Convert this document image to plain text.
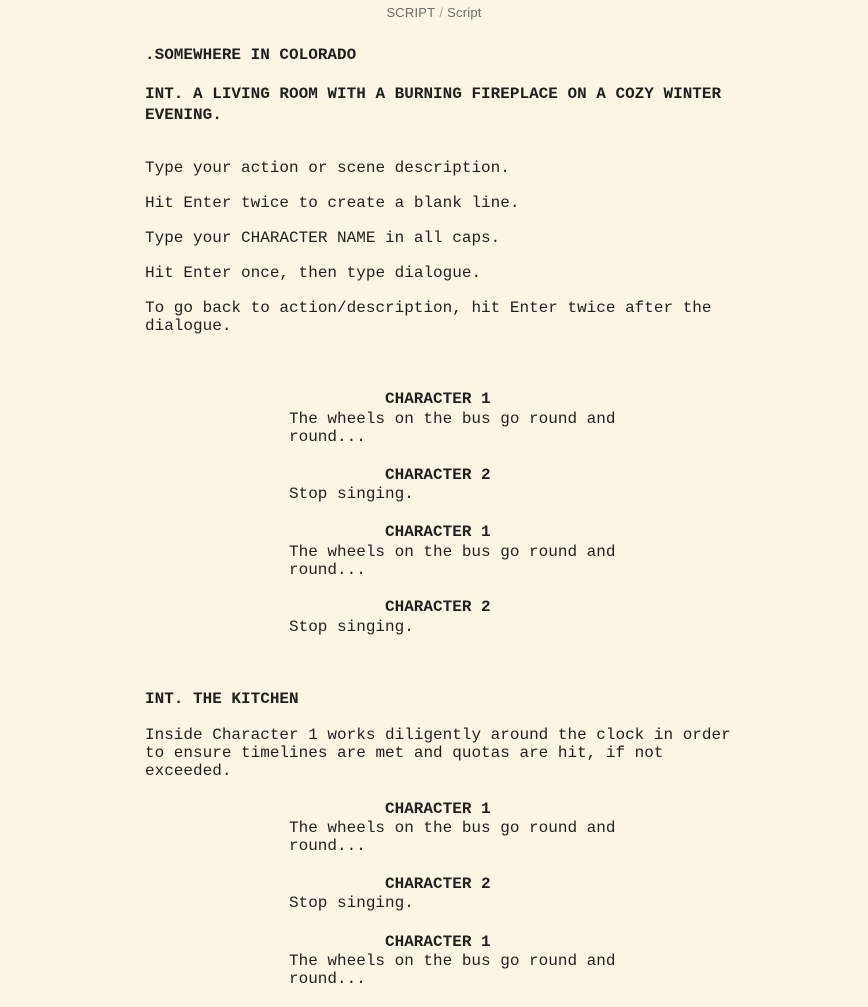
SCRIPT / Script

.SOMEWHERE IN COLORADO

INT. A LIVING ROOM WITH A BURNING FIREPLACE ON A COZY WINTER EVENING.

Type your action or scene description.

Hit Enter twice to create a blank line.

Type your CHARACTER NAME in all caps.

Hit Enter once, then type dialogue.

To go back to action/description, hit Enter twice after the dialogue.

CHARACTER 1

The wheels on the bus go round and round...

CHARACTER 2

Stop singing.

CHARACTER 1

The wheels on the bus go round and round...

CHARACTER 2

Stop singing.

INT. THE KITCHEN

Inside Character 1 works diligently around the clock in order to ensure timelines are met and quotas are hit, if not exceeded.

CHARACTER 1

The wheels on the bus go round and round...

CHARACTER 2

Stop singing.

CHARACTER 1

The wheels on the bus go round and round...
